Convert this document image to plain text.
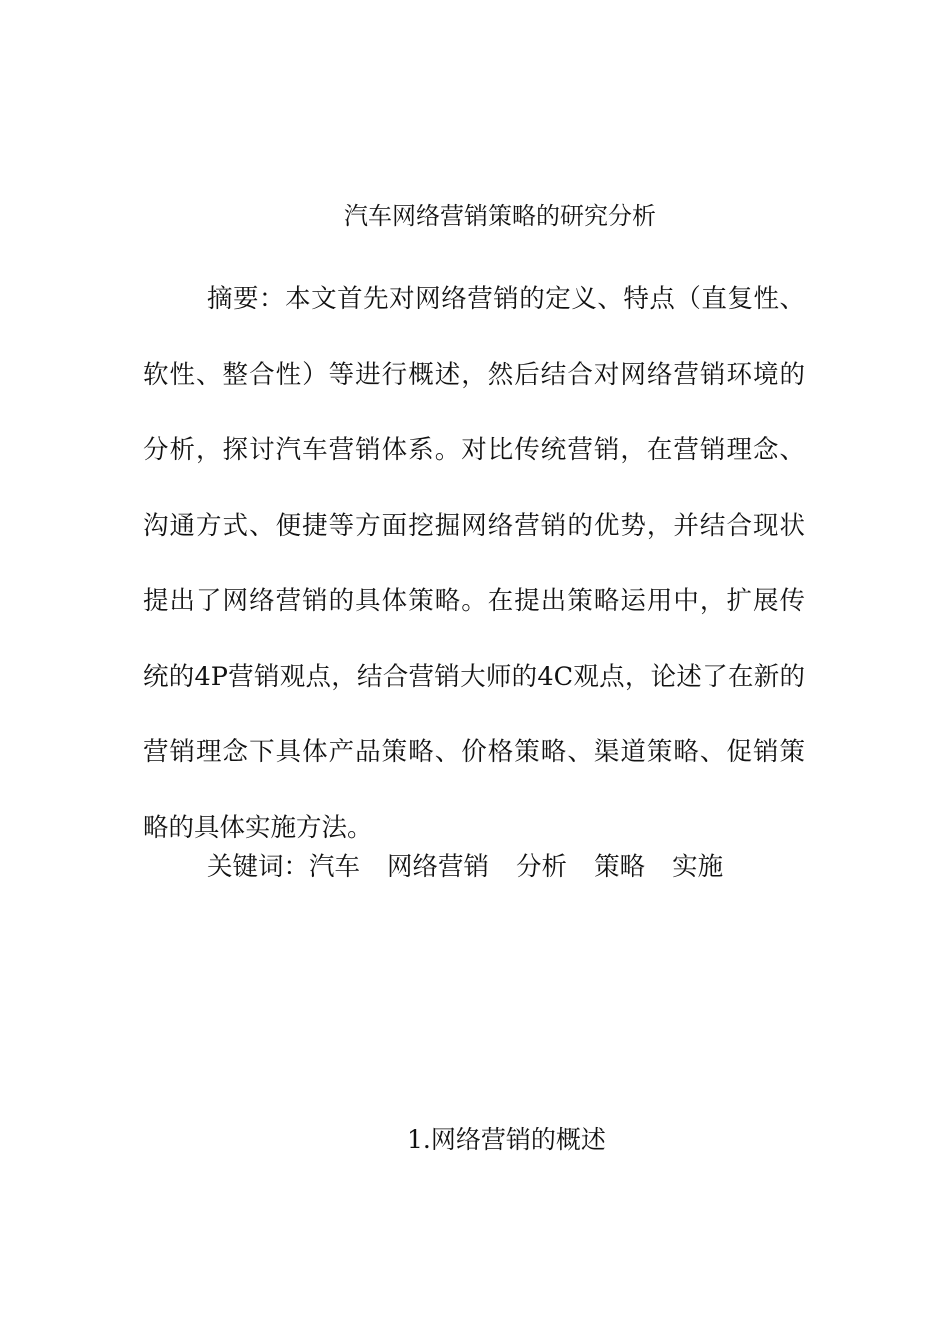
汽车网络营销策略的研究分析

摘要：本文首先对网络营销的定义、特点（直复性、软性、整合性）等进行概述，然后结合对网络营销环境的分析，探讨汽车营销体系。对比传统营销，在营销理念、沟通方式、便捷等方面挖掘网络营销的优势，并结合现状提出了网络营销的具体策略。在提出策略运用中，扩展传统的4P营销观点，结合营销大师的4C观点，论述了在新的营销理念下具体产品策略、价格策略、渠道策略、促销策略的具体实施方法。

关键词：汽车 网络营销 分析 策略 实施
1.网络营销的概述
